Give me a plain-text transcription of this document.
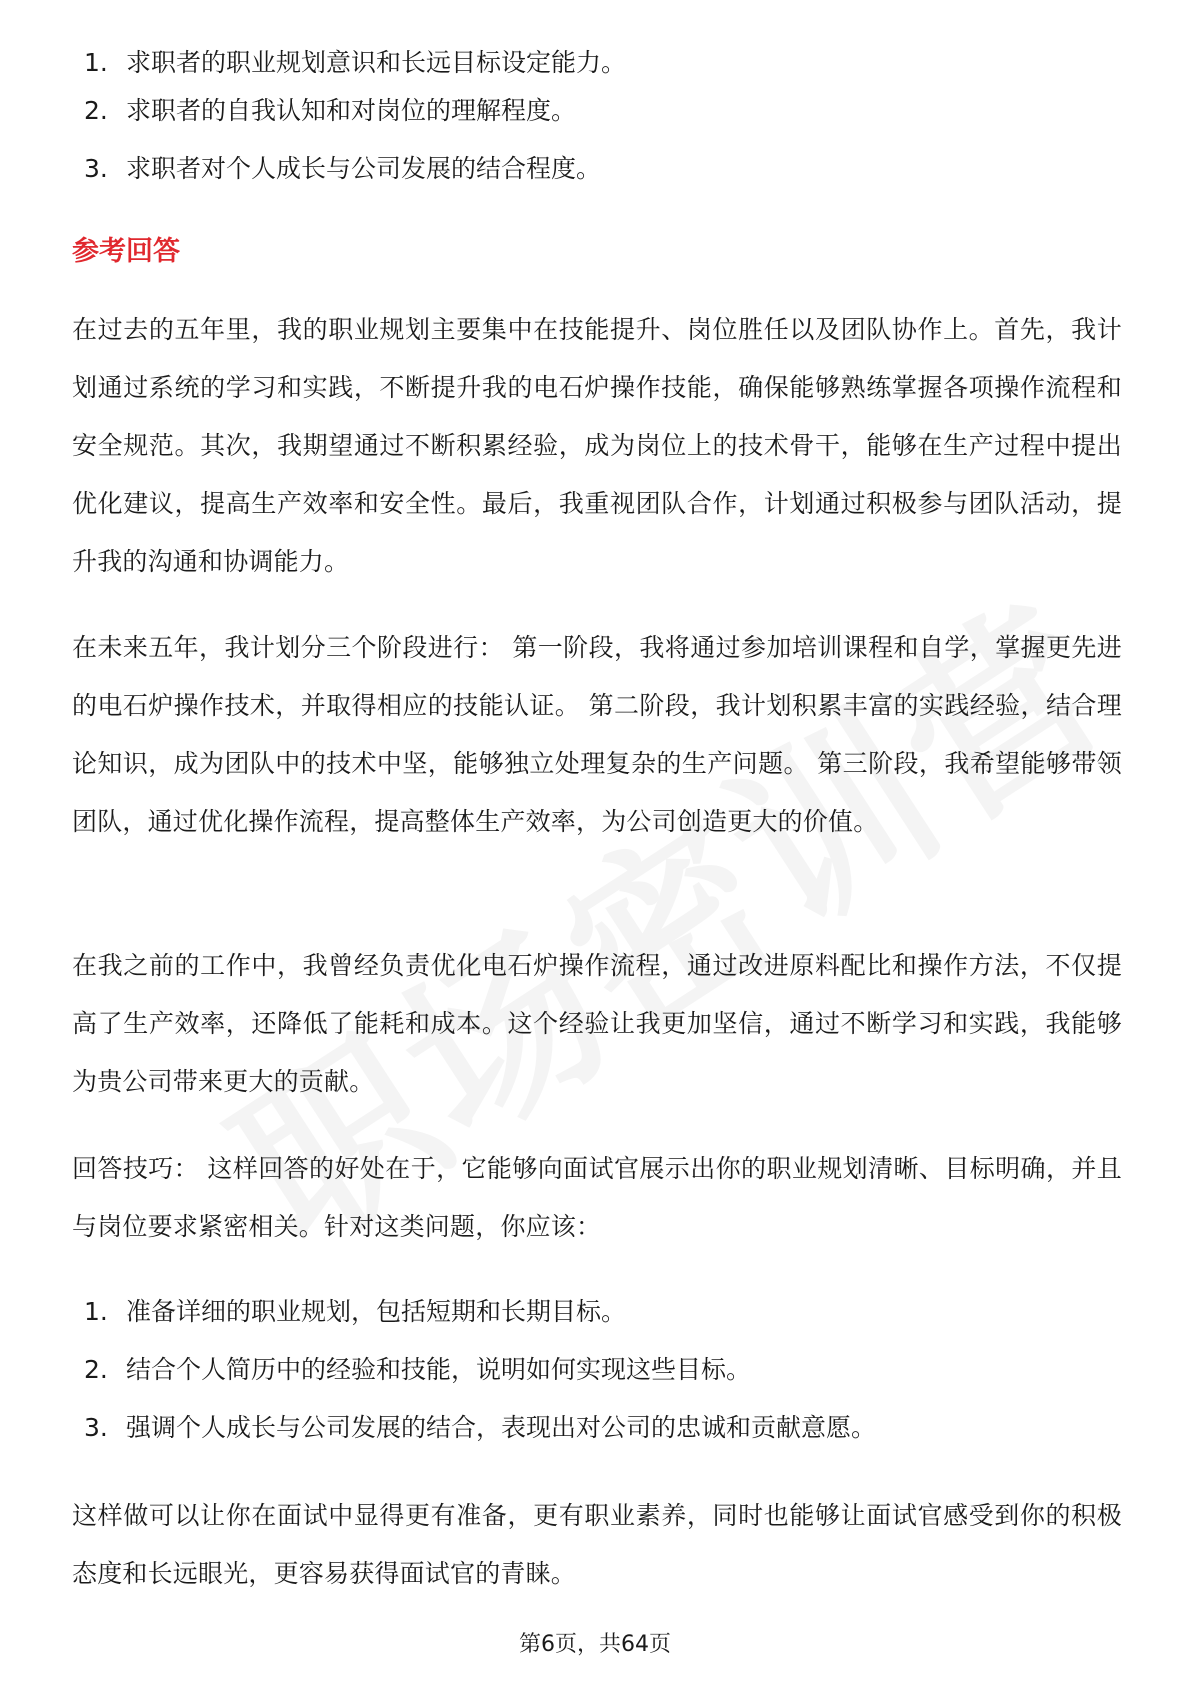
1. 求职者的职业规划意识和长远目标设定能力。
2. 求职者的自我认知和对岗位的理解程度。
3. 求职者对个人成长与公司发展的结合程度。
参考回答

在过去的五年里，我的职业规划主要集中在技能提升、岗位胜任以及团队协作上。首先，我计划通过系统的学习和实践，不断提升我的电石炉操作技能，确保能够熟练掌握各项操作流程和安全规范。其次，我期望通过不断积累经验，成为岗位上的技术骨干，能够在生产过程中提出优化建议，提高生产效率和安全性。最后，我重视团队合作，计划通过积极参与团队活动，提升我的沟通和协调能力。

在未来五年，我计划分三个阶段进行： 第一阶段，我将通过参加培训课程和自学，掌握更先进的电石炉操作技术，并取得相应的技能认证。 第二阶段，我计划积累丰富的实践经验，结合理论知识，成为团队中的技术中坚，能够独立处理复杂的生产问题。 第三阶段，我希望能够带领团队，通过优化操作流程，提高整体生产效率，为公司创造更大的价值。

在我之前的工作中，我曾经负责优化电石炉操作流程，通过改进原料配比和操作方法，不仅提高了生产效率，还降低了能耗和成本。这个经验让我更加坚信，通过不断学习和实践，我能够为贵公司带来更大的贡献。

回答技巧： 这样回答的好处在于，它能够向面试官展示出你的职业规划清晰、目标明确，并且与岗位要求紧密相关。针对这类问题，你应该：

1. 准备详细的职业规划，包括短期和长期目标。
2. 结合个人简历中的经验和技能，说明如何实现这些目标。
3. 强调个人成长与公司发展的结合，表现出对公司的忠诚和贡献意愿。

这样做可以让你在面试中显得更有准备，更有职业素养，同时也能够让面试官感受到你的积极态度和长远眼光，更容易获得面试官的青睐。

第6页，共64页
